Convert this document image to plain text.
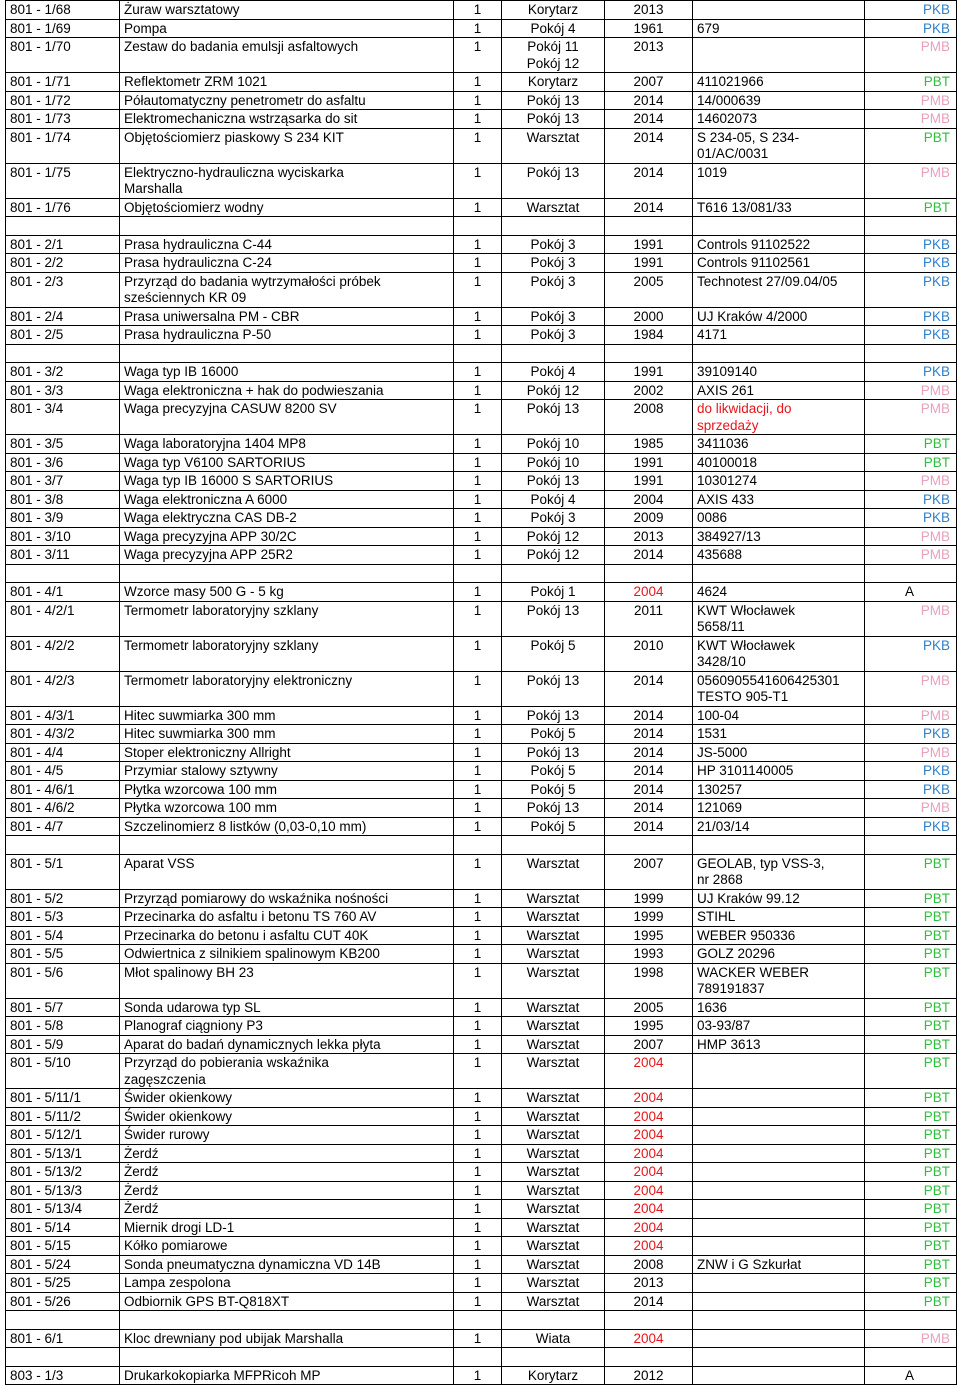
801 - 1/68	Żuraw warsztatowy	1	Korytarz	2013		PKB
801 - 1/69	Pompa	1	Pokój 4	1961	679	PKB
801 - 1/70	Zestaw do badania emulsji asfaltowych	1	Pokój 11
Pokój 12	2013		PMB
801 - 1/71	Reflektometr ZRM 1021	1	Korytarz	2007	411021966	PBT
801 - 1/72	Półautomatyczny penetrometr do asfaltu	1	Pokój 13	2014	14/000639	PMB
801 - 1/73	Elektromechaniczna wstrząsarka do sit	1	Pokój 13	2014	14602073	PMB
801 - 1/74	Objętościomierz piaskowy S 234 KIT	1	Warsztat	2014	S 234-05, S 234-
01/AC/0031	PBT
801 - 1/75	Elektryczno-hydrauliczna wyciskarka
Marshalla	1	Pokój 13	2014	1019	PMB
801 - 1/76	Objętościomierz wodny	1	Warsztat	2014	T616 13/081/33	PBT

801 - 2/1	Prasa hydrauliczna C-44	1	Pokój 3	1991	Controls 91102522	PKB
801 - 2/2	Prasa hydrauliczna C-24	1	Pokój 3	1991	Controls 91102561	PKB
801 - 2/3	Przyrząd do badania wytrzymałości próbek
sześciennych KR 09	1	Pokój 3	2005	Technotest 27/09.04/05	PKB
801 - 2/4	Prasa uniwersalna PM - CBR	1	Pokój 3	2000	UJ Kraków 4/2000	PKB
801 - 2/5	Prasa hydrauliczna P-50	1	Pokój 3	1984	4171	PKB

801 - 3/2	Waga typ IB 16000	1	Pokój 4	1991	39109140	PKB
801 - 3/3	Waga elektroniczna + hak do podwieszania	1	Pokój 12	2002	AXIS 261	PMB
801 - 3/4	Waga precyzyjna CASUW 8200 SV	1	Pokój 13	2008	do likwidacji, do
sprzedaży	PMB
801 - 3/5	Waga laboratoryjna 1404 MP8	1	Pokój 10	1985	3411036	PBT
801 - 3/6	Waga typ V6100 SARTORIUS	1	Pokój 10	1991	40100018	PBT
801 - 3/7	Waga typ IB 16000 S SARTORIUS	1	Pokój 13	1991	10301274	PMB
801 - 3/8	Waga elektroniczna A 6000	1	Pokój 4	2004	AXIS 433	PKB
801 - 3/9	Waga elektryczna CAS DB-2	1	Pokój 3	2009	0086	PKB
801 - 3/10	Waga precyzyjna APP 30/2C	1	Pokój 12	2013	384927/13	PMB
801 - 3/11	Waga precyzyjna APP 25R2	1	Pokój 12	2014	435688	PMB

801 - 4/1	Wzorce masy 500 G - 5 kg	1	Pokój 1	2004	4624	A
801 - 4/2/1	Termometr laboratoryjny szklany	1	Pokój 13	2011	KWT Włocławek
5658/11	PMB
801 - 4/2/2	Termometr laboratoryjny szklany	1	Pokój 5	2010	KWT Włocławek
3428/10	PKB
801 - 4/2/3	Termometr laboratoryjny elektroniczny	1	Pokój 13	2014	0560905541606425301
TESTO 905-T1	PMB
801 - 4/3/1	Hitec suwmiarka 300 mm	1	Pokój 13	2014	100-04	PMB
801 - 4/3/2	Hitec suwmiarka 300 mm	1	Pokój 5	2014	1531	PKB
801 - 4/4	Stoper elektroniczny Allright	1	Pokój 13	2014	JS-5000	PMB
801 - 4/5	Przymiar stalowy sztywny	1	Pokój 5	2014	HP 3101140005	PKB
801 - 4/6/1	Płytka wzorcowa 100 mm	1	Pokój 5	2014	130257	PKB
801 - 4/6/2	Płytka wzorcowa 100 mm	1	Pokój 13	2014	121069	PMB
801 - 4/7	Szczelinomierz 8 listków (0,03-0,10 mm)	1	Pokój 5	2014	21/03/14	PKB

801 - 5/1	Aparat VSS	1	Warsztat	2007	GEOLAB, typ VSS-3,
nr 2868	PBT
801 - 5/2	Przyrząd pomiarowy do wskaźnika nośności	1	Warsztat	1999	UJ Kraków 99.12	PBT
801 - 5/3	Przecinarka do asfaltu i betonu TS 760 AV	1	Warsztat	1999	STIHL	PBT
801 - 5/4	Przecinarka do betonu i asfaltu CUT 40K	1	Warsztat	1995	WEBER 950336	PBT
801 - 5/5	Odwiertnica z silnikiem spalinowym KB200	1	Warsztat	1993	GOLZ 20296	PBT
801 - 5/6	Młot spalinowy BH 23	1	Warsztat	1998	WACKER WEBER
789191837	PBT
801 - 5/7	Sonda udarowa typ SL	1	Warsztat	2005	1636	PBT
801 - 5/8	Planograf ciągniony P3	1	Warsztat	1995	03-93/87	PBT
801 - 5/9	Aparat do badań dynamicznych lekka płyta	1	Warsztat	2007	HMP 3613	PBT
801 - 5/10	Przyrząd do pobierania wskaźnika
zagęszczenia	1	Warsztat	2004		PBT
801 - 5/11/1	Świder okienkowy	1	Warsztat	2004		PBT
801 - 5/11/2	Świder okienkowy	1	Warsztat	2004		PBT
801 - 5/12/1	Świder rurowy	1	Warsztat	2004		PBT
801 - 5/13/1	Żerdź	1	Warsztat	2004		PBT
801 - 5/13/2	Żerdź	1	Warsztat	2004		PBT
801 - 5/13/3	Żerdź	1	Warsztat	2004		PBT
801 - 5/13/4	Żerdź	1	Warsztat	2004		PBT
801 - 5/14	Miernik drogi LD-1	1	Warsztat	2004		PBT
801 - 5/15	Kółko pomiarowe	1	Warsztat	2004		PBT
801 - 5/24	Sonda pneumatyczna dynamiczna VD 14B	1	Warsztat	2008	ZNW i G Szkurłat	PBT
801 - 5/25	Lampa zespolona	1	Warsztat	2013		PBT
801 - 5/26	Odbiornik GPS BT-Q818XT	1	Warsztat	2014		PBT

801 - 6/1	Kloc drewniany pod ubijak Marshalla	1	Wiata	2004		PMB

803 - 1/3	Drukarkokopiarka MFPRicoh MP	1	Korytarz	2012		A
